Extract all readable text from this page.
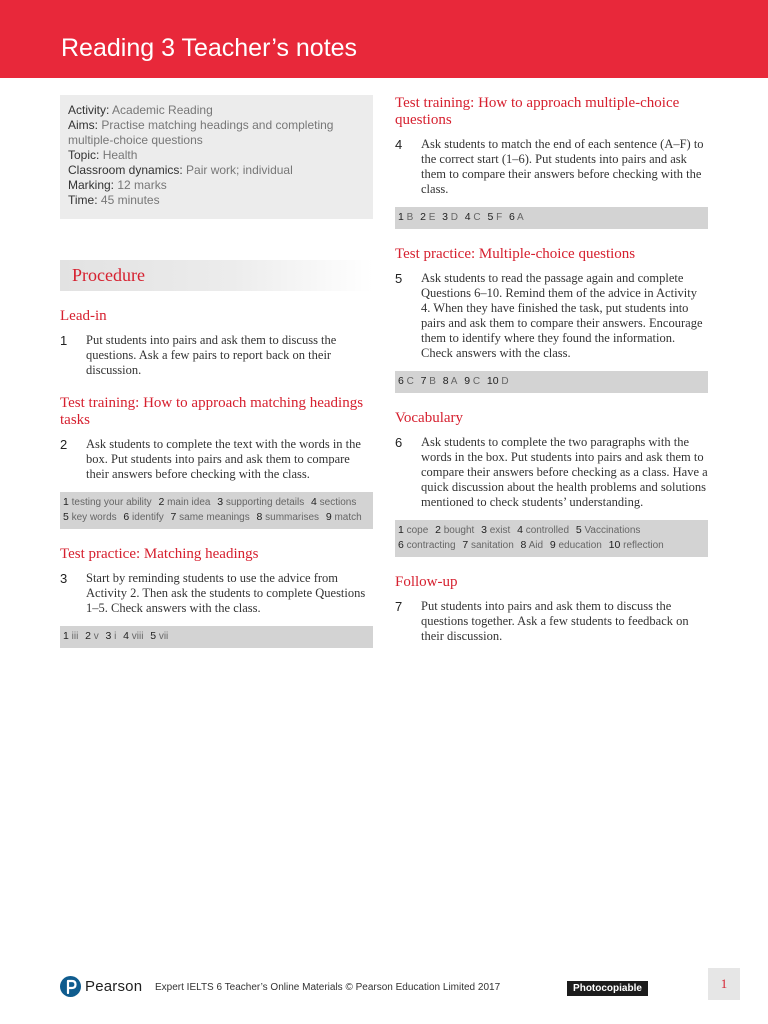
Reading 3 Teacher’s notes
Activity: Academic Reading
Aims: Practise matching headings and completing multiple-choice questions
Topic: Health
Classroom dynamics: Pair work; individual
Marking: 12 marks
Time: 45 minutes
Procedure
Lead-in
1	Put students into pairs and ask them to discuss the questions. Ask a few pairs to report back on their discussion.
Test training: How to approach matching headings tasks
2	Ask students to complete the text with the words in the box. Put students into pairs and ask them to compare their answers before checking with the class.
1 testing your ability 2 main idea 3 supporting details 4 sections 5 key words 6 identify 7 same meanings 8 summarises 9 match
Test practice: Matching headings
3	Start by reminding students to use the advice from Activity 2. Then ask the students to complete Questions 1–5. Check answers with the class.
1 iii 2 v 3 i 4 viii 5 vii
Test training: How to approach multiple-choice questions
4	Ask students to match the end of each sentence (A–F) to the correct start (1–6). Put students into pairs and ask them to compare their answers before checking with the class.
1 B 2 E 3 D 4 C 5 F 6 A
Test practice: Multiple-choice questions
5	Ask students to read the passage again and complete Questions 6–10. Remind them of the advice in Activity 4. When they have finished the task, put students into pairs and ask them to compare their answers. Encourage them to identify where they found the information. Check answers with the class.
6 C 7 B 8 A 9 C 10 D
Vocabulary
6	Ask students to complete the two paragraphs with the words in the box. Put students into pairs and ask them to compare their answers before checking as a class. Have a quick discussion about the health problems and solutions mentioned to check students’ understanding.
1 cope 2 bought 3 exist 4 controlled 5 Vaccinations 6 contracting 7 sanitation 8 Aid 9 education 10 reflection
Follow-up
7	Put students into pairs and ask them to discuss the questions together. Ask a few students to feedback on their discussion.
Pearson Expert IELTS 6 Teacher’s Online Materials © Pearson Education Limited 2017	Photocopiable	1
